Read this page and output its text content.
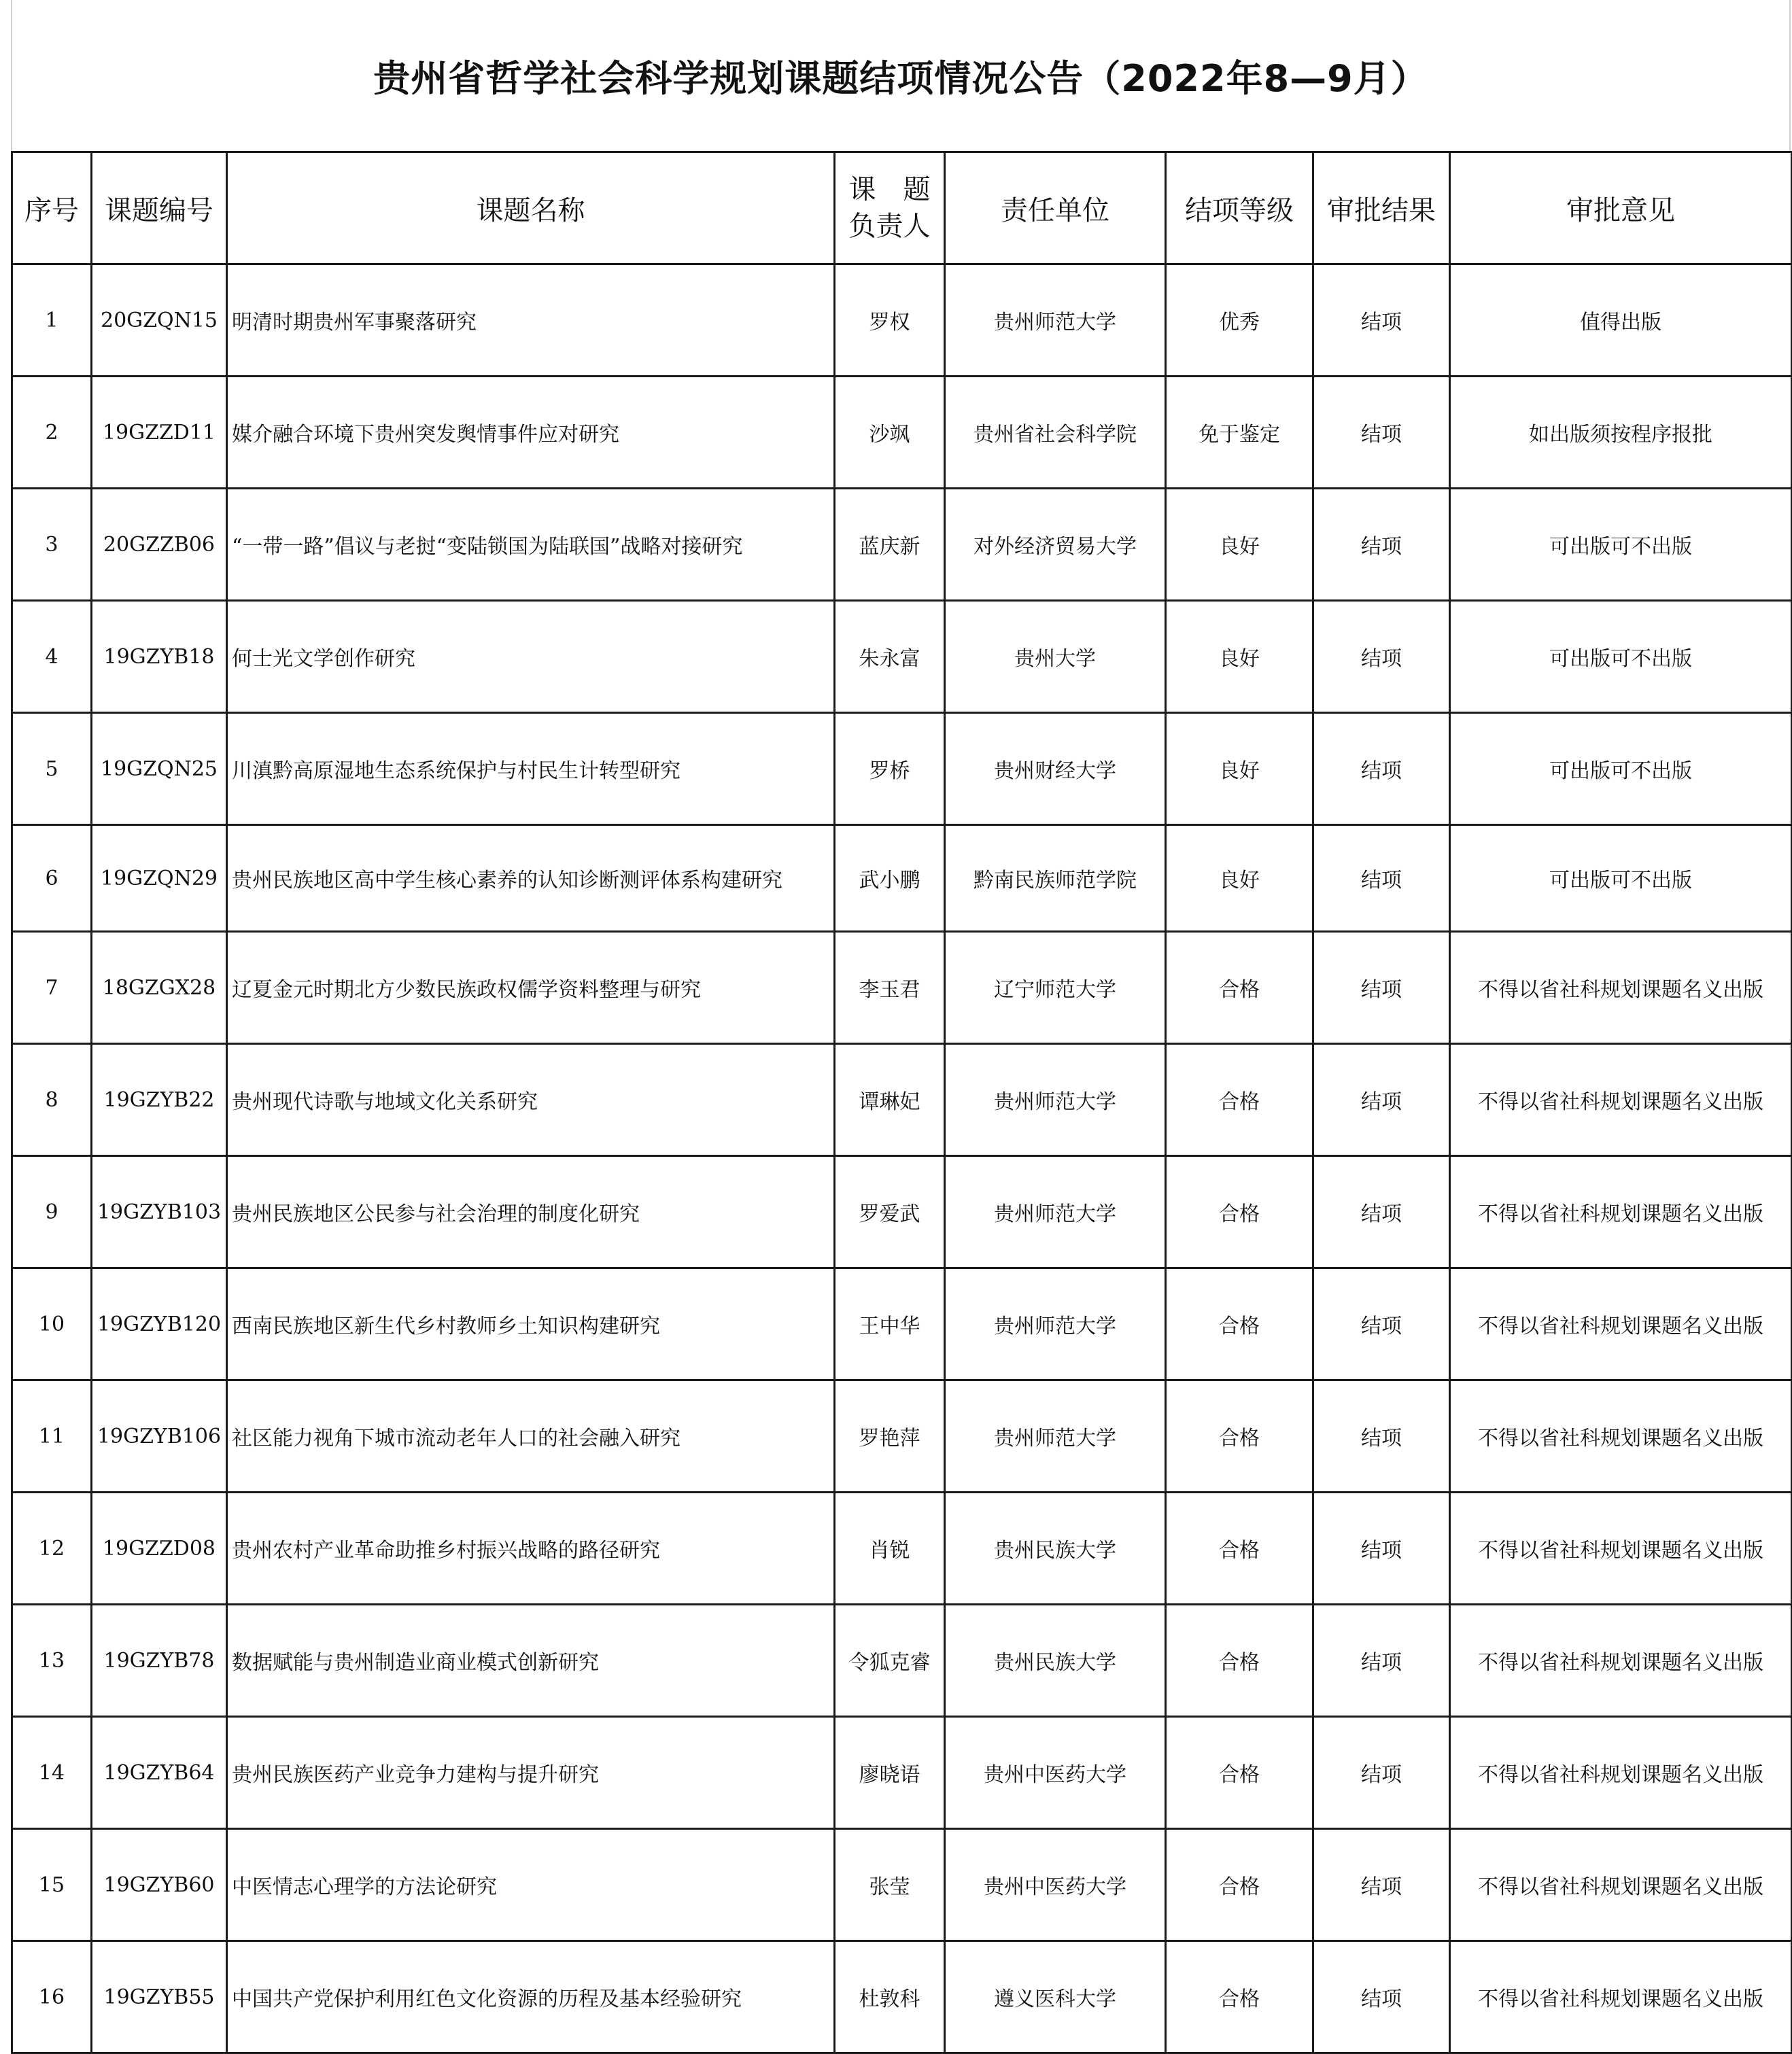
贵州省哲学社会科学规划课题结项情况公告（2022年8—9月）
序号	课题编号	课题名称	课　题
负责人	责任单位	结项等级	审批结果	审批意见
1	20GZQN15	明清时期贵州军事聚落研究	罗权	贵州师范大学	优秀	结项	值得出版
2	19GZZD11	媒介融合环境下贵州突发舆情事件应对研究	沙飒	贵州省社会科学院	免于鉴定	结项	如出版须按程序报批
3	20GZZB06	“一带一路”倡议与老挝“变陆锁国为陆联国”战略对接研究	蓝庆新	对外经济贸易大学	良好	结项	可出版可不出版
4	19GZYB18	何士光文学创作研究	朱永富	贵州大学	良好	结项	可出版可不出版
5	19GZQN25	川滇黔高原湿地生态系统保护与村民生计转型研究	罗桥	贵州财经大学	良好	结项	可出版可不出版
6	19GZQN29	贵州民族地区高中学生核心素养的认知诊断测评体系构建研究	武小鹏	黔南民族师范学院	良好	结项	可出版可不出版
7	18GZGX28	辽夏金元时期北方少数民族政权儒学资料整理与研究	李玉君	辽宁师范大学	合格	结项	不得以省社科规划课题名义出版
8	19GZYB22	贵州现代诗歌与地域文化关系研究	谭琳妃	贵州师范大学	合格	结项	不得以省社科规划课题名义出版
9	19GZYB103	贵州民族地区公民参与社会治理的制度化研究	罗爱武	贵州师范大学	合格	结项	不得以省社科规划课题名义出版
10	19GZYB120	西南民族地区新生代乡村教师乡土知识构建研究	王中华	贵州师范大学	合格	结项	不得以省社科规划课题名义出版
11	19GZYB106	社区能力视角下城市流动老年人口的社会融入研究	罗艳萍	贵州师范大学	合格	结项	不得以省社科规划课题名义出版
12	19GZZD08	贵州农村产业革命助推乡村振兴战略的路径研究	肖锐	贵州民族大学	合格	结项	不得以省社科规划课题名义出版
13	19GZYB78	数据赋能与贵州制造业商业模式创新研究	令狐克睿	贵州民族大学	合格	结项	不得以省社科规划课题名义出版
14	19GZYB64	贵州民族医药产业竞争力建构与提升研究	廖晓语	贵州中医药大学	合格	结项	不得以省社科规划课题名义出版
15	19GZYB60	中医情志心理学的方法论研究	张莹	贵州中医药大学	合格	结项	不得以省社科规划课题名义出版
16	19GZYB55	中国共产党保护利用红色文化资源的历程及基本经验研究	杜敦科	遵义医科大学	合格	结项	不得以省社科规划课题名义出版
